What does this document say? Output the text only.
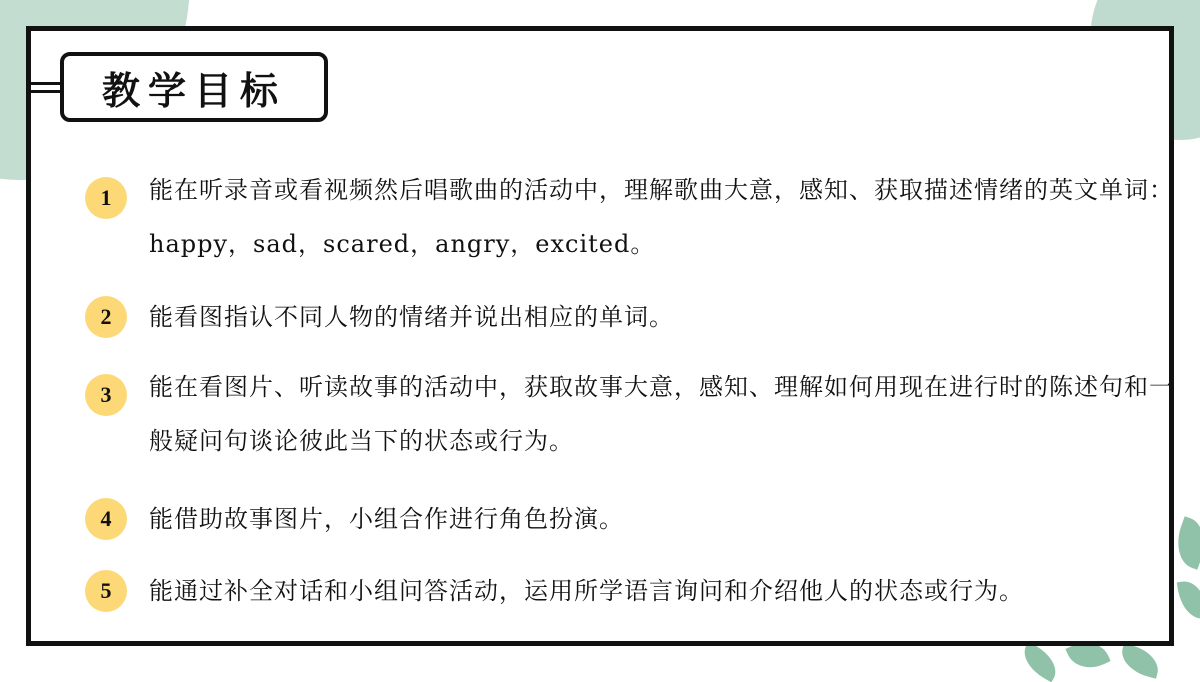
1	能在听录音或看视频然后唱歌曲的活动中，理解歌曲大意，感知、获取描述情绪的英文单词：happy，sad，scared，angry，excited。
2	能看图指认不同人物的情绪并说出相应的单词。
3	能在看图片、听读故事的活动中，获取故事大意，感知、理解如何用现在进行时的陈述句和一般疑问句谈论彼此当下的状态或行为。
4	能借助故事图片，小组合作进行角色扮演。
5	能通过补全对话和小组问答活动，运用所学语言询问和介绍他人的状态或行为。
教学目标
